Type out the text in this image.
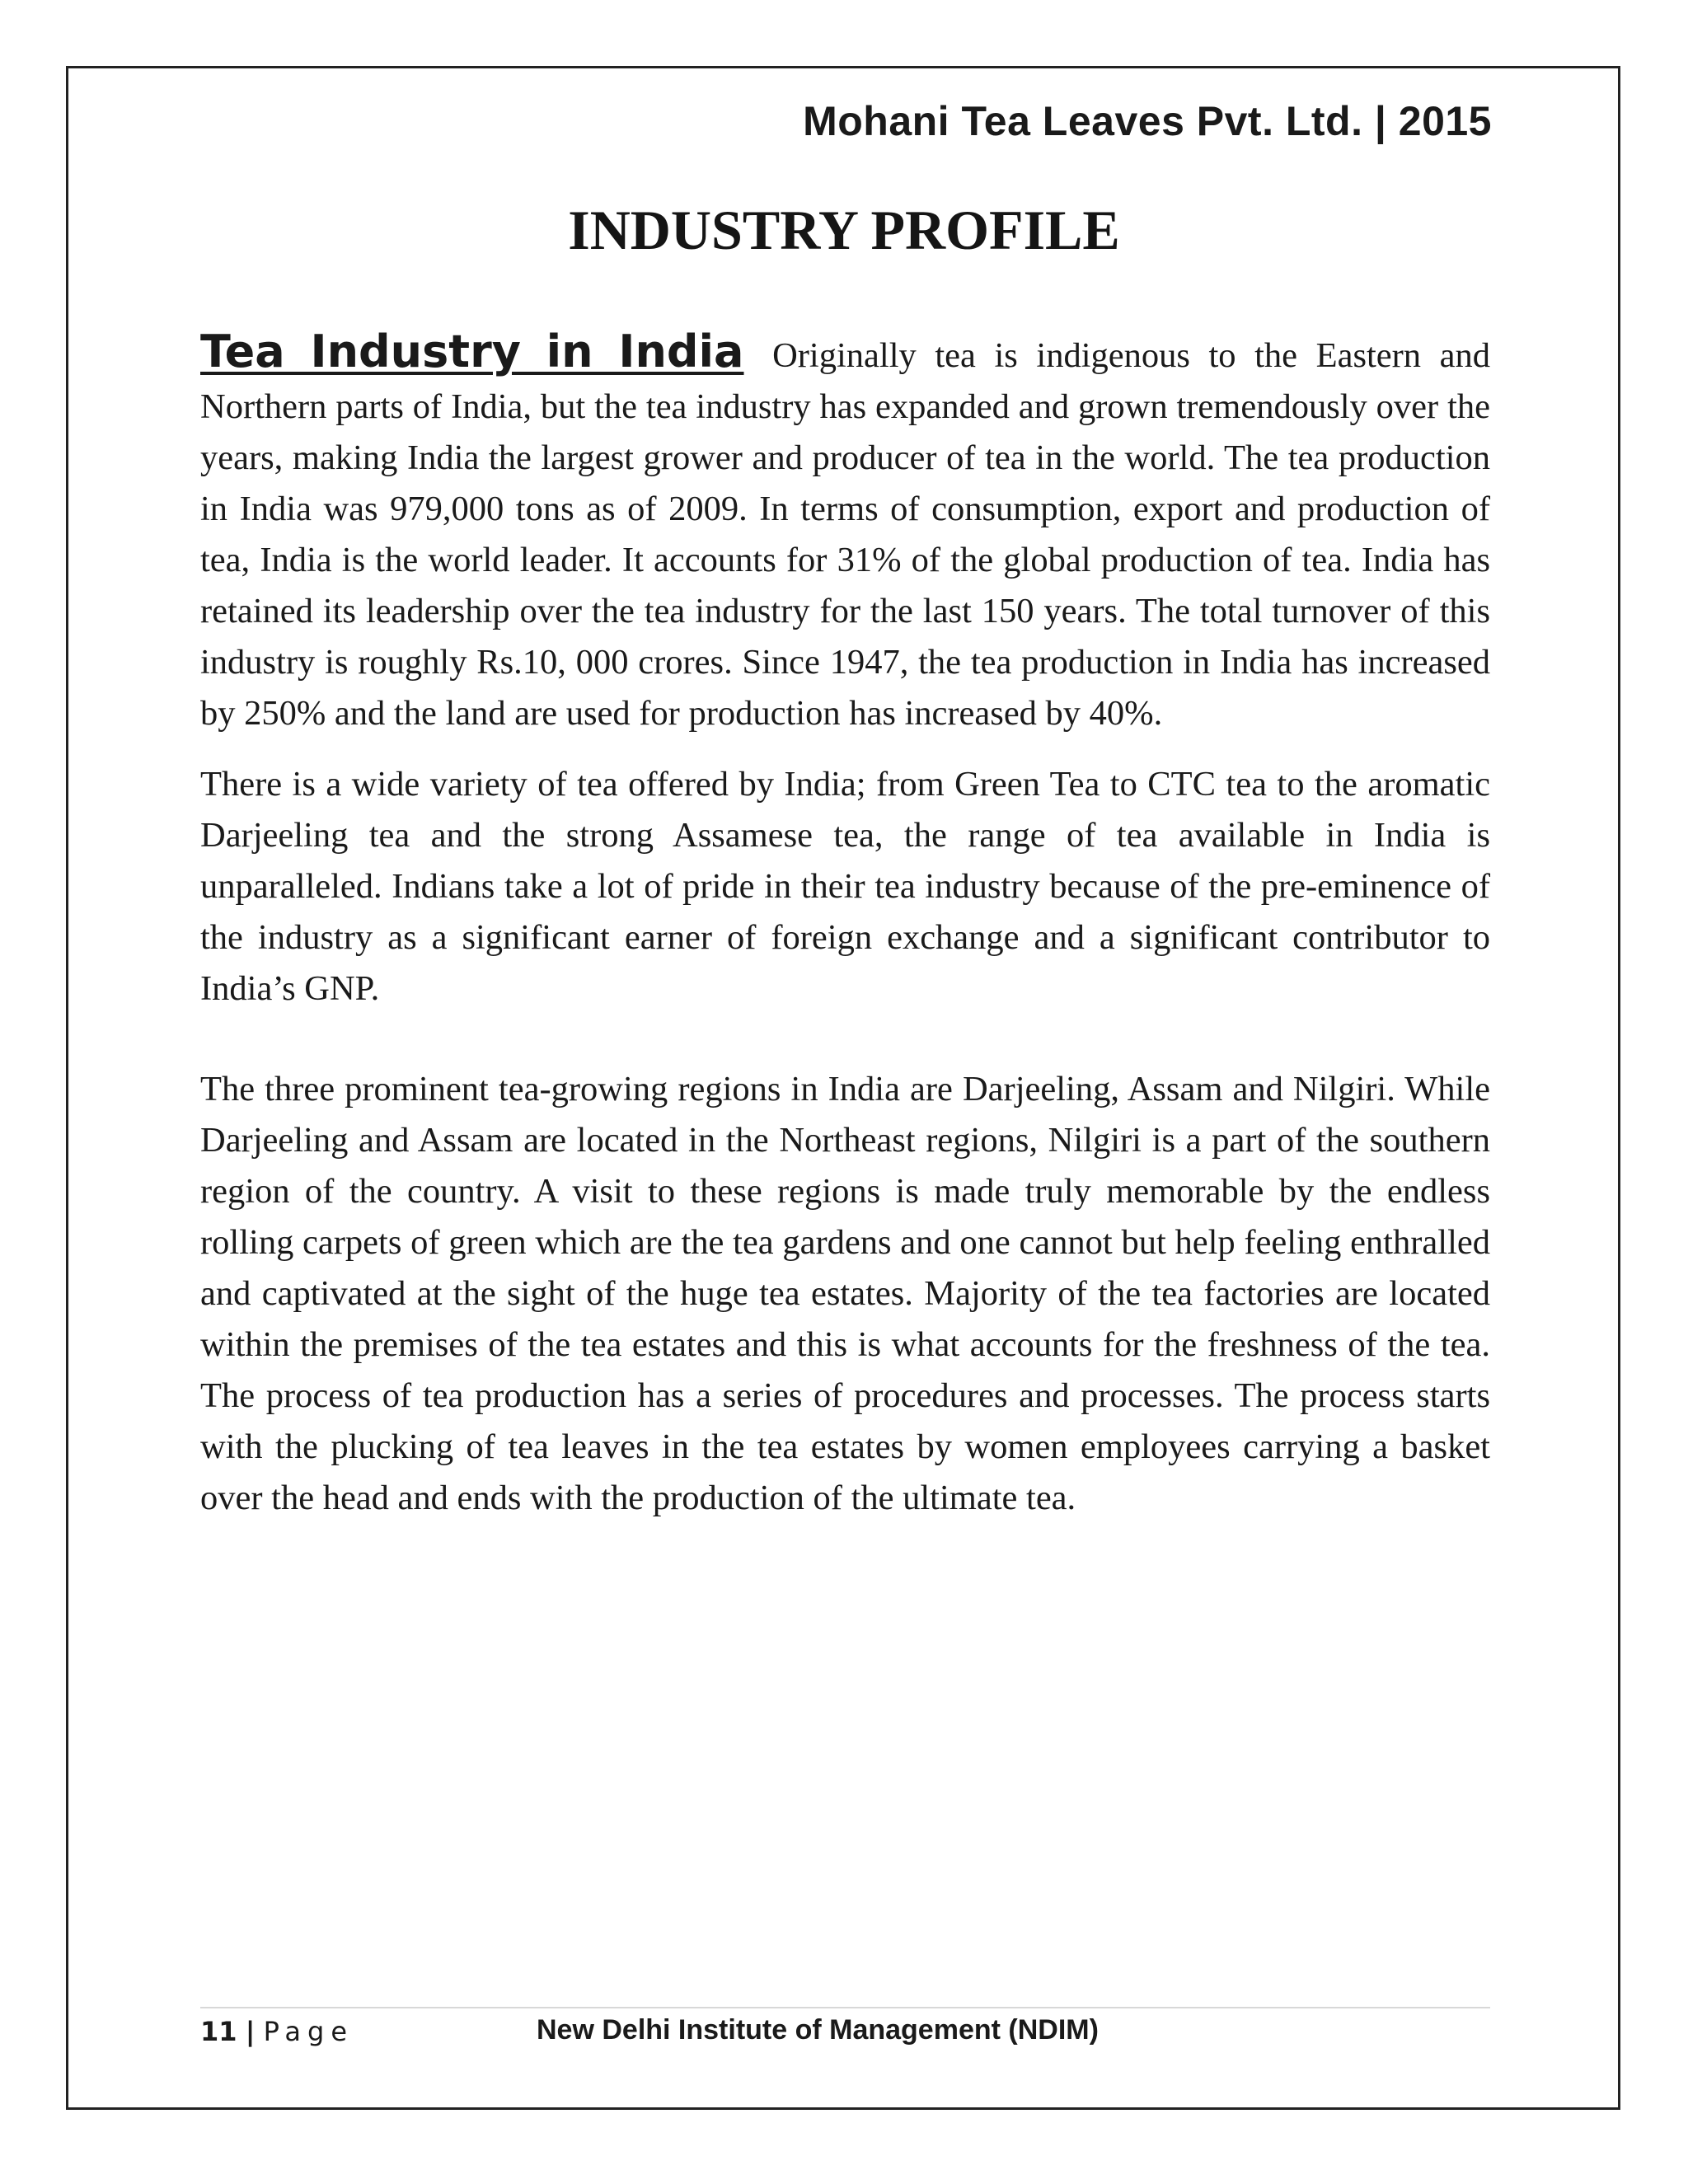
Mohani Tea Leaves Pvt. Ltd. | 2015
INDUSTRY PROFILE

Tea Industry in India Originally tea is indigenous to the Eastern and Northern parts of India, but the tea industry has expanded and grown tremendously over the years, making India the largest grower and producer of tea in the world. The tea production in India was 979,000 tons as of 2009. In terms of consumption, export and production of tea, India is the world leader. It accounts for 31% of the global production of tea. India has retained its leadership over the tea industry for the last 150 years. The total turnover of this industry is roughly Rs.10, 000 crores. Since 1947, the tea production in India has increased by 250% and the land are used for production has increased by 40%.

There is a wide variety of tea offered by India; from Green Tea to CTC tea to the aromatic Darjeeling tea and the strong Assamese tea, the range of tea available in India is unparalleled. Indians take a lot of pride in their tea industry because of the pre-eminence of the industry as a significant earner of foreign exchange and a significant contributor to India’s GNP.

The three prominent tea-growing regions in India are Darjeeling, Assam and Nilgiri. While Darjeeling and Assam are located in the Northeast regions, Nilgiri is a part of the southern region of the country. A visit to these regions is made truly memorable by the endless rolling carpets of green which are the tea gardens and one cannot but help feeling enthralled and captivated at the sight of the huge tea estates. Majority of the tea factories are located within the premises of the tea estates and this is what accounts for the freshness of the tea. The process of tea production has a series of procedures and processes. The process starts with the plucking of tea leaves in the tea estates by women employees carrying a basket over the head and ends with the production of the ultimate tea.

11 | Page	New Delhi Institute of Management (NDIM)
